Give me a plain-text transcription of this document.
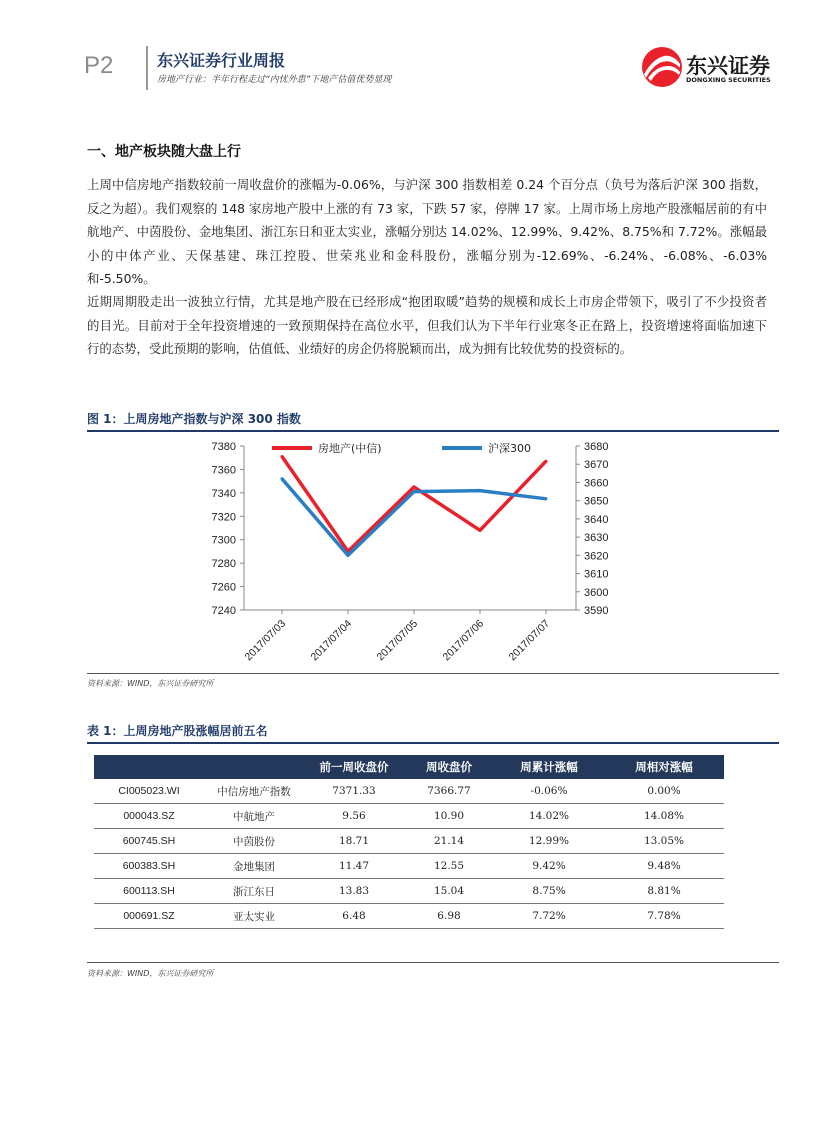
P2	东兴证券行业周报
房地产行业：半年行程走过“内忧外患”下地产估值优势显现
东兴证券
DONGXING SECURITIES
一、地产板块随大盘上行
上周中信房地产指数较前一周收盘价的涨幅为-0.06%，与沪深 300 指数相差 0.24 个百分点（负号为落后沪深 300 指数，反之为超）。我们观察的 148 家房地产股中上涨的有 73 家，下跌 57 家，停牌 17 家。上周市场上房地产股涨幅居前的有中航地产、中茵股份、金地集团、浙江东日和亚太实业，涨幅分别达 14.02%、12.99%、9.42%、8.75%和 7.72%。涨幅最小的中体产业、天保基建、珠江控股、世荣兆业和金科股份，涨幅分别为-12.69%、-6.24%、-6.08%、-6.03%和-5.50%。
近期周期股走出一波独立行情，尤其是地产股在已经形成“抱团取暖”趋势的规模和成长上市房企带领下，吸引了不少投资者的目光。目前对于全年投资增速的一致预期保持在高位水平，但我们认为下半年行业寒冬正在路上，投资增速将面临加速下行的态势，受此预期的影响，估值低、业绩好的房企仍将脱颖而出，成为拥有比较优势的投资标的。
图 1：上周房地产指数与沪深 300 指数
7240
7260
7280
7300
7320
7340
7360
7380
3590
3600
3610
3620
3630
3640
3650
3660
3670
3680
2017/07/03 2017/07/04 2017/07/05 2017/07/06 2017/07/07
房地产(中信)	沪深300
资料来源：WIND，东兴证券研究所
表 1：上周房地产股涨幅居前五名
		前一周收盘价	周收盘价	周累计涨幅	周相对涨幅
CI005023.WI	中信房地产指数	7371.33	7366.77	-0.06%	0.00%
000043.SZ	中航地产	9.56	10.90	14.02%	14.08%
600745.SH	中茵股份	18.71	21.14	12.99%	13.05%
600383.SH	金地集团	11.47	12.55	9.42%	9.48%
600113.SH	浙江东日	13.83	15.04	8.75%	8.81%
000691.SZ	亚太实业	6.48	6.98	7.72%	7.78%
资料来源：WIND，东兴证券研究所
